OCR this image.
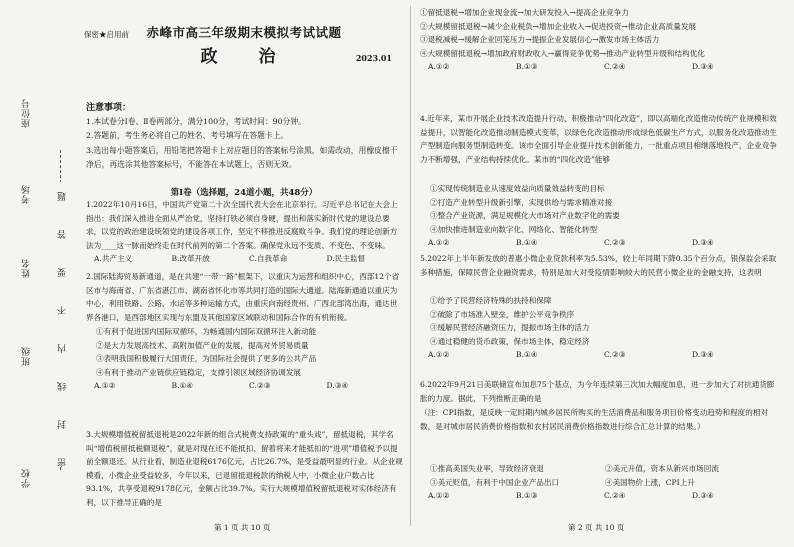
座位号
考场
姓名
班级
学校
密　封　线　内　不　要　答　题
保密★启用前	赤峰市高三年级期末模拟考试试题
政　治	2023.01
注意事项：

1.本试卷分Ⅰ卷、Ⅱ卷两部分，满分100分，考试时间：90分钟。

2.答题前，考生务必将自己的姓名、考号填写在答题卡上。

3.选出每小题答案后，用铅笔把答题卡上对应题目的答案标号涂黑，如需改动，用橡皮擦干净后，再选涂其他答案标号，不能答在本试题上，否则无效。

第Ⅰ卷（选择题，24道小题，共48分）

1.2022年10月16日，中国共产党第二十次全国代表大会在北京举行。习近平总书记在大会上指出：我们深入推进全面从严治党，坚持打铁必须自身硬，提出和落实新时代党的建设总要求，以党的政治建设统领党的建设各项工作，坚定不移推进反腐败斗争。我们党的理论创新方法为____这一脉而始终走在时代前列的第二个答案。确保党永远不变质、不变色、不变味。

A.共产主义	B.改革开放	C.自我革命	D.民主监督

2.国际陆海贸易新通道，是在共建“一带一路”框架下，以重庆为运营和组织中心，西部12个省区市与海南省、广东省湛江市、湖南省怀化市等共同打造的国际大通道。陆海新通道以重庆为中心，利用铁路、公路、水运等多种运输方式，由重庆向南经贵州、广西北部湾出海，通达世界各港口，是西部地区实现与东盟及其他国家区域联动和国际合作的有机衔接。

①有利于促进国内国际双循环，为畅通国内国际双循环注入新动能

②是大力发展高技术、高附加值产业的发展，提高对外贸易质量

③表明我国积极履行大国责任，为国际社会提供了更多的公共产品

④有利于推动产业链供应链稳定，支撑引领区域经济协调发展

A.①②	B.①④	C.②③	D.③④

3.大规模增值税留抵退税是2022年新的组合式税费支持政策的“重头戏”，留抵退税，其学名叫“增值税留抵税额退税”，就是对现在还不能抵扣、留着将来才能抵扣的“进项”增值税予以提前全额退还。从行业看，制造业退税6176亿元，占比26.7%，是受益最明显的行业。从企业规模看，小微企业受益较多，今年以来，已退留抵退税款的纳税人中，小微企业户数占比93.1%，共享受退税9178亿元，金额占比39.7%。实行大规模增值税留抵退税对实体经济有利，以下推导正确的是

第 1 页 共 10 页

①留抵退税→增加企业现金流→加大研发投入→提高企业竞争力

②大规模留抵退税→减少企业税负→增加企业收入→促进投资→推动企业高质量发展

③退税减税→缓解企业回笼压力→提振企业发展信心→激发市场主体活力

④大规模留抵退税→增加政府财政收入→赢得竞争优势→推动产业转型升级和结构优化

A.①②	B.①③	C.②④	D.③④

4.近年来，某市开展企业技术改造提升行动，积极推动“四化改造”，即以高端化改造推动传统产业规模和效益提升，以智能化改造推动制造模式变革，以绿色化改造推动形成绿色低碳生产方式，以服务化改造推动生产型制造向服务型制造转变。该市全面引导企业提升技术创新能力，一批重点项目相继落地投产，企业竞争力不断增强，产业结构持续优化。某市的“四化改造”能够

①实现传统制造业从速度效益向质量效益转变的目标

②打造产业转型升级新引擎，实现供给与需求精准对接

③整合产业资源，满足规模化大市场对产业数字化的需要

④加快推进制造业向数字化、网络化、智能化转型

A.①②	B.①④	C.②③	D.③④

5.2022年上半年新发放的普惠小微企业贷款利率为5.53%，较上年同期下降0.35个百分点，银保监会采取多种措施，保障民营企业融资需求，特别是加大对受疫情影响较大的民营小微企业的金融支持，这表明

①给予了民营经济特殊的扶持和保障

②破除了市场准入壁垒，维护公平竞争秩序

③缓解民营经济融资压力，提振市场主体的活力

④通过稳健的货币政策，保市场主体，稳定经济

A.①②	B.①④	C.②③	D.③④

6.2022年9月21日美联储宣布加息75个基点，为今年连续第三次加大幅度加息，进一步加大了对抗通货膨胀的力度。据此，下列推断正确的是

（注：CPI指数，是反映一定时期内城乡居民所购买的生活消费品和服务项目价格变动趋势和程度的相对数，是对城市居民消费价格指数和农村居民消费价格指数进行综合汇总计算的结果。）

①推高美国失业率，导致经济衰退	②美元升值，资本从新兴市场回流
③美元贬值，有利于中国企业产品出口	④美国物价上涨，CPI上升
A.①②	B.①③	C.②④	D.③④
第 2 页 共 10 页
